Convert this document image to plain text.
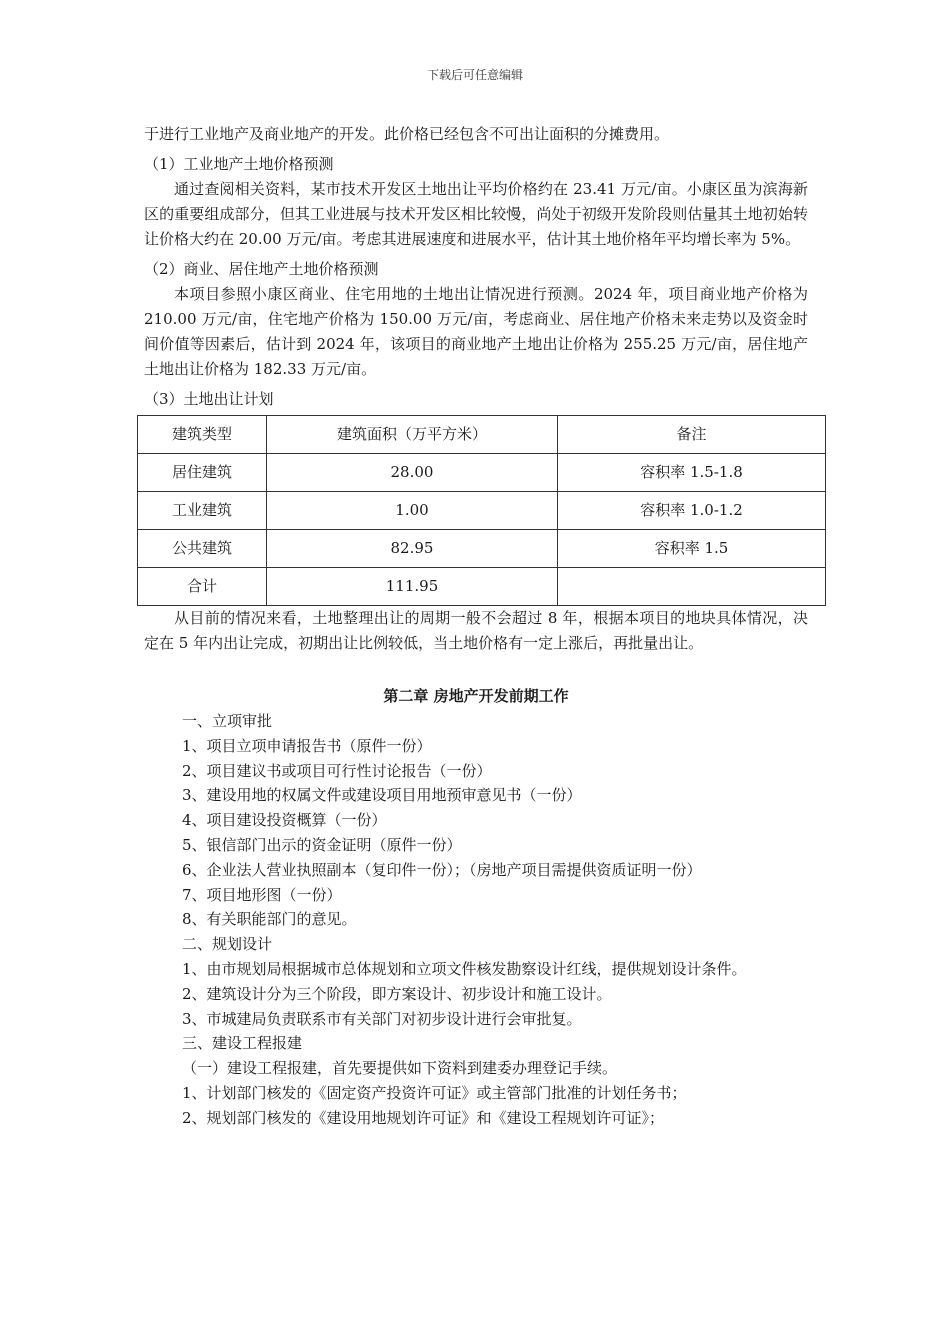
下载后可任意编辑

于进行工业地产及商业地产的开发。此价格已经包含不可出让面积的分摊费用。

（1）工业地产土地价格预测

通过查阅相关资料，某市技术开发区土地出让平均价格约在 23.41 万元/亩。小康区虽为滨海新区的重要组成部分，但其工业进展与技术开发区相比较慢，尚处于初级开发阶段则估量其土地初始转让价格大约在 20.00 万元/亩。考虑其进展速度和进展水平，估计其土地价格年平均增长率为 5%。

（2）商业、居住地产土地价格预测

本项目参照小康区商业、住宅用地的土地出让情况进行预测。2024 年，项目商业地产价格为 210.00 万元/亩，住宅地产价格为 150.00 万元/亩，考虑商业、居住地产价格未来走势以及资金时间价值等因素后，估计到 2024 年，该项目的商业地产土地出让价格为 255.25 万元/亩，居住地产土地出让价格为 182.33 万元/亩。

（3）土地出让计划

建筑类型	建筑面积（万平方米）	备注
居住建筑	28.00	容积率 1.5-1.8
工业建筑	1.00	容积率 1.0-1.2
公共建筑	82.95	容积率 1.5
合计	111.95	

从目前的情况来看，土地整理出让的周期一般不会超过 8 年，根据本项目的地块具体情况，决定在 5 年内出让完成，初期出让比例较低，当土地价格有一定上涨后，再批量出让。

第二章 房地产开发前期工作

一、立项审批

1、项目立项申请报告书（原件一份）

2、项目建议书或项目可行性讨论报告（一份）

3、建设用地的权属文件或建设项目用地预审意见书（一份）

4、项目建设投资概算（一份）

5、银信部门出示的资金证明（原件一份）

6、企业法人营业执照副本（复印件一份）；（房地产项目需提供资质证明一份）

7、项目地形图（一份）

8、有关职能部门的意见。

二、规划设计

1、由市规划局根据城市总体规划和立项文件核发勘察设计红线，提供规划设计条件。

2、建筑设计分为三个阶段，即方案设计、初步设计和施工设计。

3、市城建局负责联系市有关部门对初步设计进行会审批复。

三、建设工程报建

（一）建设工程报建，首先要提供如下资料到建委办理登记手续。

1、计划部门核发的《固定资产投资许可证》或主管部门批准的计划任务书；

2、规划部门核发的《建设用地规划许可证》和《建设工程规划许可证》；
